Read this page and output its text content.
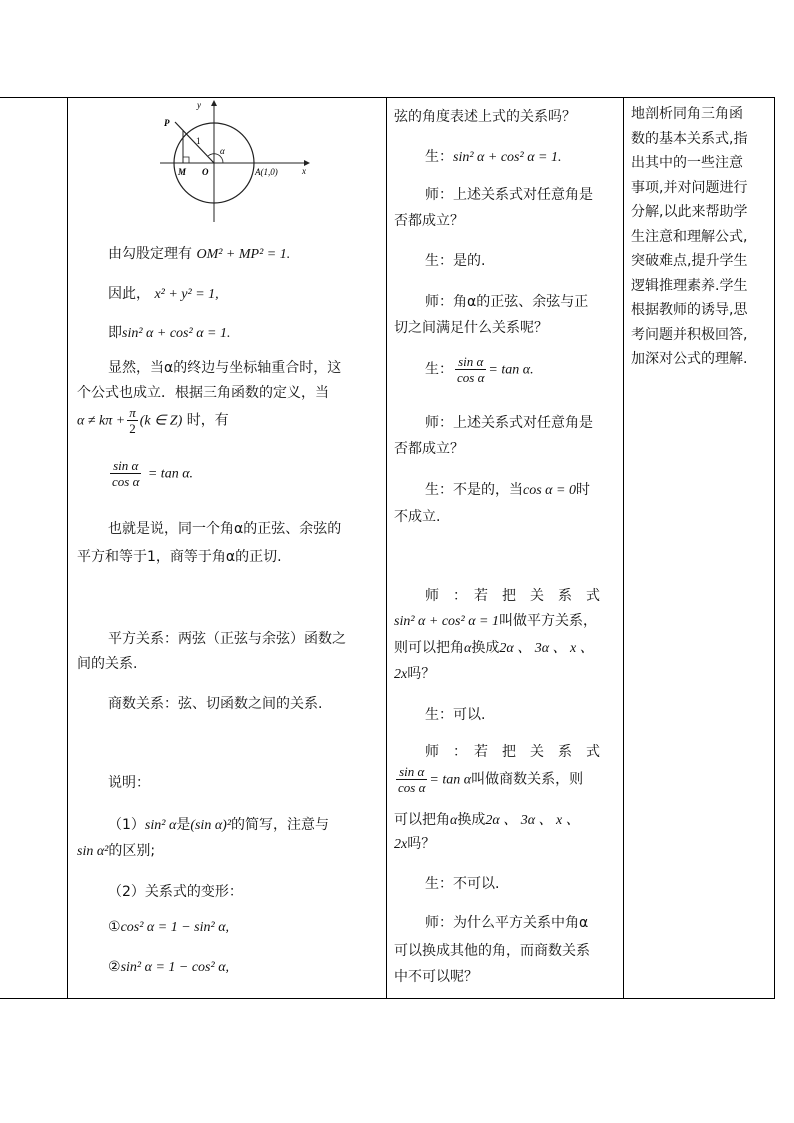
y
x
P
1
α
M O	A(1,0)
由勾股定理有 OM² + MP² = 1.
因此， x² + y² = 1,
即sin² α + cos² α = 1.
显然，当α的终边与坐标轴重合时，这
个公式也成立．根据三角函数的定义，当
$\alpha \ne k\pi + \frac{\pi}{2} (k$ ∈ Z) 时，有
$\frac{\text{sin α}}{\text{cos α}} = \tan \alpha$.
也就是说，同一个角α的正弦、余弦的
平方和等于1，商等于角α的正切.
平方关系：两弦（正弦与余弦）函数之
间的关系.
商数关系：弦、切函数之间的关系.
说明：
（1）sin² α是(sin α)²的简写，注意与
sin α²的区别;
（2）关系式的变形：
①cos² α = 1 − sin² α,
②sin² α = 1 − cos² α,
弦的角度表述上式的关系吗？
生：sin² α + cos² α = 1.
师：上述关系式对任意角是
否都成立？
生：是的.
师：角α的正弦、余弦与正
切之间满足什么关系呢？
生： $\frac{\text{sin α}}{\text{cos α}} = \tan \alpha$.
师：上述关系式对任意角是
否都成立？
生：不是的，当cos α = 0时
不成立.
师　：　若　把　关　系　式
sin² α + cos² α = 1叫做平方关系，
则可以把角α换成2α 、 3α 、 x 、
2x吗？
生：可以.
师　：　若　把　关　系　式
$\frac{\text{sin α}}{\text{cos α}} = \tan \alpha$叫做商数关系，则
可以把角α换成2α 、 3α 、 x 、
2x吗？
生：不可以.
师：为什么平方关系中角α
可以换成其他的角，而商数关系
中不可以呢？
地剖析同角三角函
数的基本关系式,指
出其中的一些注意
事项,并对问题进行
分解,以此来帮助学
生注意和理解公式,
突破难点,提升学生
逻辑推理素养.学生
根据教师的诱导,思
考问题并积极回答,
加深对公式的理解.
